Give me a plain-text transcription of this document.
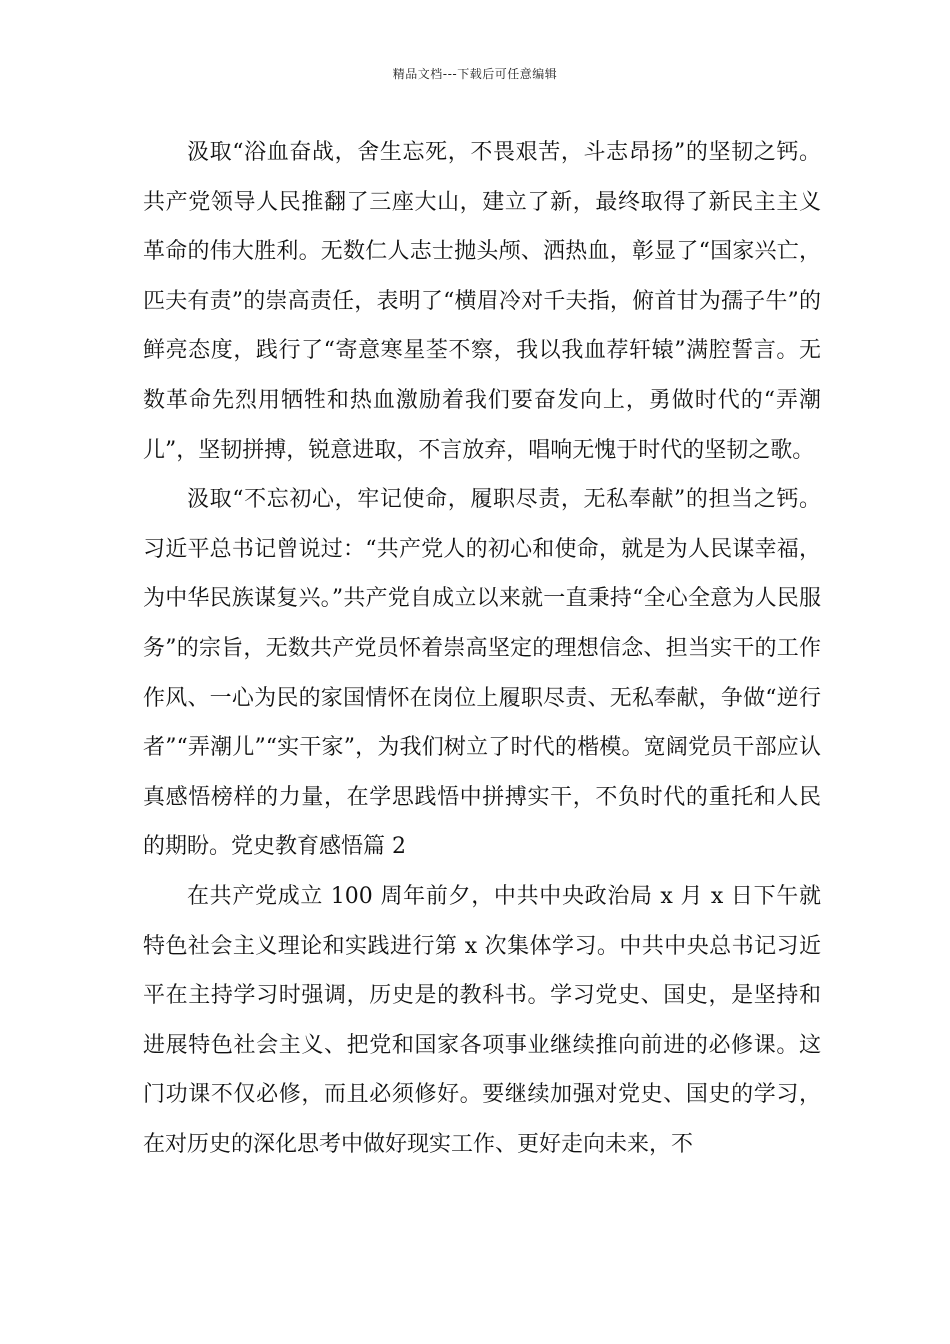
精品文档---下载后可任意编辑

汲取“浴血奋战，舍生忘死，不畏艰苦，斗志昂扬”的坚韧之钙。共产党领导人民推翻了三座大山，建立了新，最终取得了新民主主义革命的伟大胜利。无数仁人志士抛头颅、洒热血，彰显了“国家兴亡，匹夫有责”的崇高责任，表明了“横眉冷对千夫指，俯首甘为孺子牛”的鲜亮态度，践行了“寄意寒星荃不察，我以我血荐轩辕”满腔誓言。无数革命先烈用牺牲和热血激励着我们要奋发向上，勇做时代的“弄潮儿”，坚韧拼搏，锐意进取，不言放弃，唱响无愧于时代的坚韧之歌。

汲取“不忘初心，牢记使命，履职尽责，无私奉献”的担当之钙。习近平总书记曾说过：“共产党人的初心和使命，就是为人民谋幸福，为中华民族谋复兴。”共产党自成立以来就一直秉持“全心全意为人民服务”的宗旨，无数共产党员怀着崇高坚定的理想信念、担当实干的工作作风、一心为民的家国情怀在岗位上履职尽责、无私奉献，争做“逆行者”“弄潮儿”“实干家”，为我们树立了时代的楷模。宽阔党员干部应认真感悟榜样的力量，在学思践悟中拼搏实干，不负时代的重托和人民的期盼。党史教育感悟篇 2

在共产党成立 100 周年前夕，中共中央政治局 x 月 x 日下午就特色社会主义理论和实践进行第 x 次集体学习。中共中央总书记习近平在主持学习时强调，历史是的教科书。学习党史、国史，是坚持和进展特色社会主义、把党和国家各项事业继续推向前进的必修课。这门功课不仅必修，而且必须修好。要继续加强对党史、国史的学习，在对历史的深化思考中做好现实工作、更好走向未来，不
